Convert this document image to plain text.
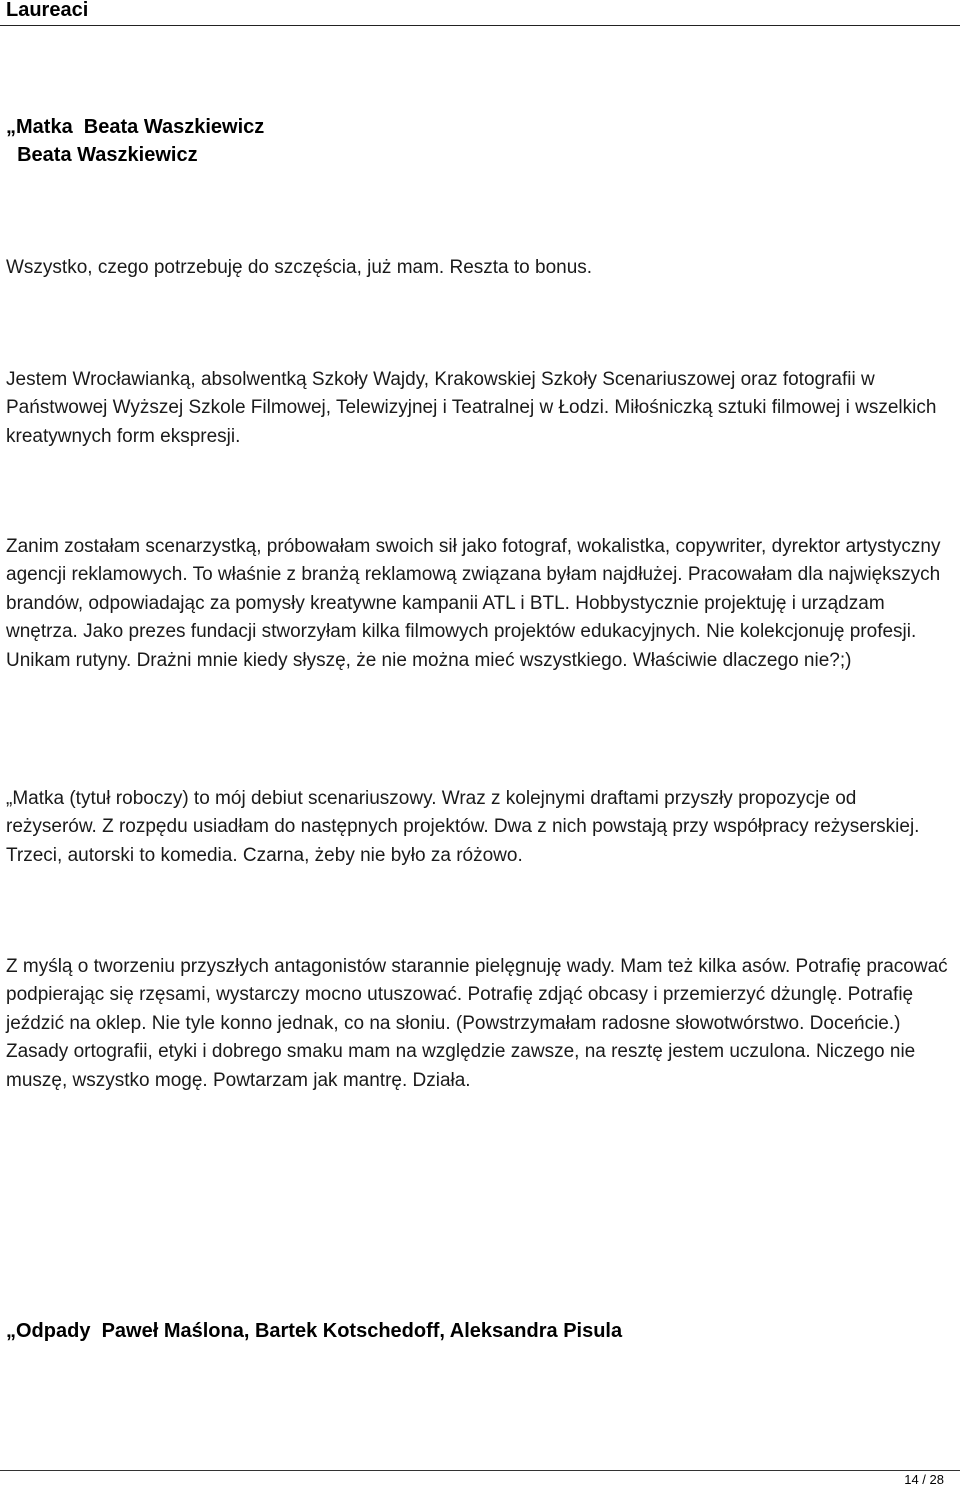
Laureaci

„Matka  Beata Waszkiewicz

Beata Waszkiewicz

Wszystko, czego potrzebuję do szczęścia, już mam. Reszta to bonus.

Jestem Wrocławianką, absolwentką Szkoły Wajdy, Krakowskiej Szkoły Scenariuszowej oraz fotografii w Państwowej Wyższej Szkole Filmowej, Telewizyjnej i Teatralnej w Łodzi. Miłośniczką sztuki filmowej i wszelkich kreatywnych form ekspresji.

Zanim zostałam scenarzystką, próbowałam swoich sił jako fotograf, wokalistka, copywriter, dyrektor artystyczny agencji reklamowych. To właśnie z branżą reklamową związana byłam najdłużej. Pracowałam dla największych brandów, odpowiadając za pomysły kreatywne kampanii ATL i BTL. Hobbystycznie projektuję i urządzam wnętrza. Jako prezes fundacji stworzyłam kilka filmowych projektów edukacyjnych. Nie kolekcjonuję profesji. Unikam rutyny. Drażni mnie kiedy słyszę, że nie można mieć wszystkiego. Właściwie dlaczego nie?;)

„Matka (tytuł roboczy) to mój debiut scenariuszowy. Wraz z kolejnymi draftami przyszły propozycje od reżyserów. Z rozpędu usiadłam do następnych projektów. Dwa z nich powstają przy współpracy reżyserskiej. Trzeci, autorski to komedia. Czarna, żeby nie było za różowo.

Z myślą o tworzeniu przyszłych antagonistów starannie pielęgnuję wady. Mam też kilka asów. Potrafię pracować podpierając się rzęsami, wystarczy mocno utuszować. Potrafię zdjąć obcasy i przemierzyć dżunglę. Potrafię jeździć na oklep. Nie tyle konno jednak, co na słoniu. (Powstrzymałam radosne słowotwórstwo. Doceńcie.) Zasady ortografii, etyki i dobrego smaku mam na względzie zawsze, na resztę jestem uczulona. Niczego nie muszę, wszystko mogę. Powtarzam jak mantrę. Działa.

„Odpady  Paweł Maślona, Bartek Kotschedoff, Aleksandra Pisula

14 / 28
